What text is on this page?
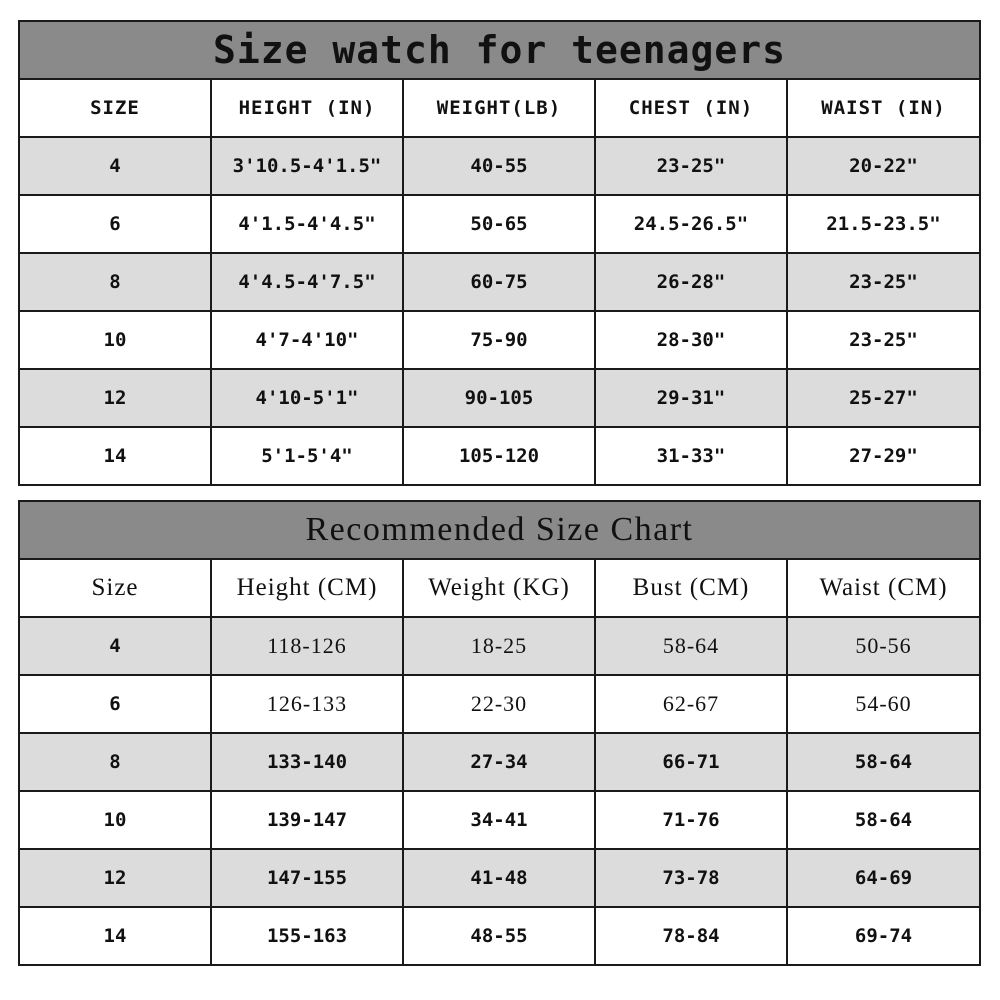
Size watch for teenagers				
SIZE	HEIGHT (IN)	WEIGHT(LB)	CHEST (IN)	WAIST (IN)
4	3'10.5-4'1.5"	40-55	23-25"	20-22"
6	4'1.5-4'4.5"	50-65	24.5-26.5"	21.5-23.5"
8	4'4.5-4'7.5"	60-75	26-28"	23-25"
10	4'7-4'10"	75-90	28-30"	23-25"
12	4'10-5'1"	90-105	29-31"	25-27"
14	5'1-5'4"	105-120	31-33"	27-29"
Recommended Size Chart				
Size	Height (CM)	Weight (KG)	Bust (CM)	Waist (CM)
4	118-126	18-25	58-64	50-56
6	126-133	22-30	62-67	54-60
8	133-140	27-34	66-71	58-64
10	139-147	34-41	71-76	58-64
12	147-155	41-48	73-78	64-69
14	155-163	48-55	78-84	69-74
